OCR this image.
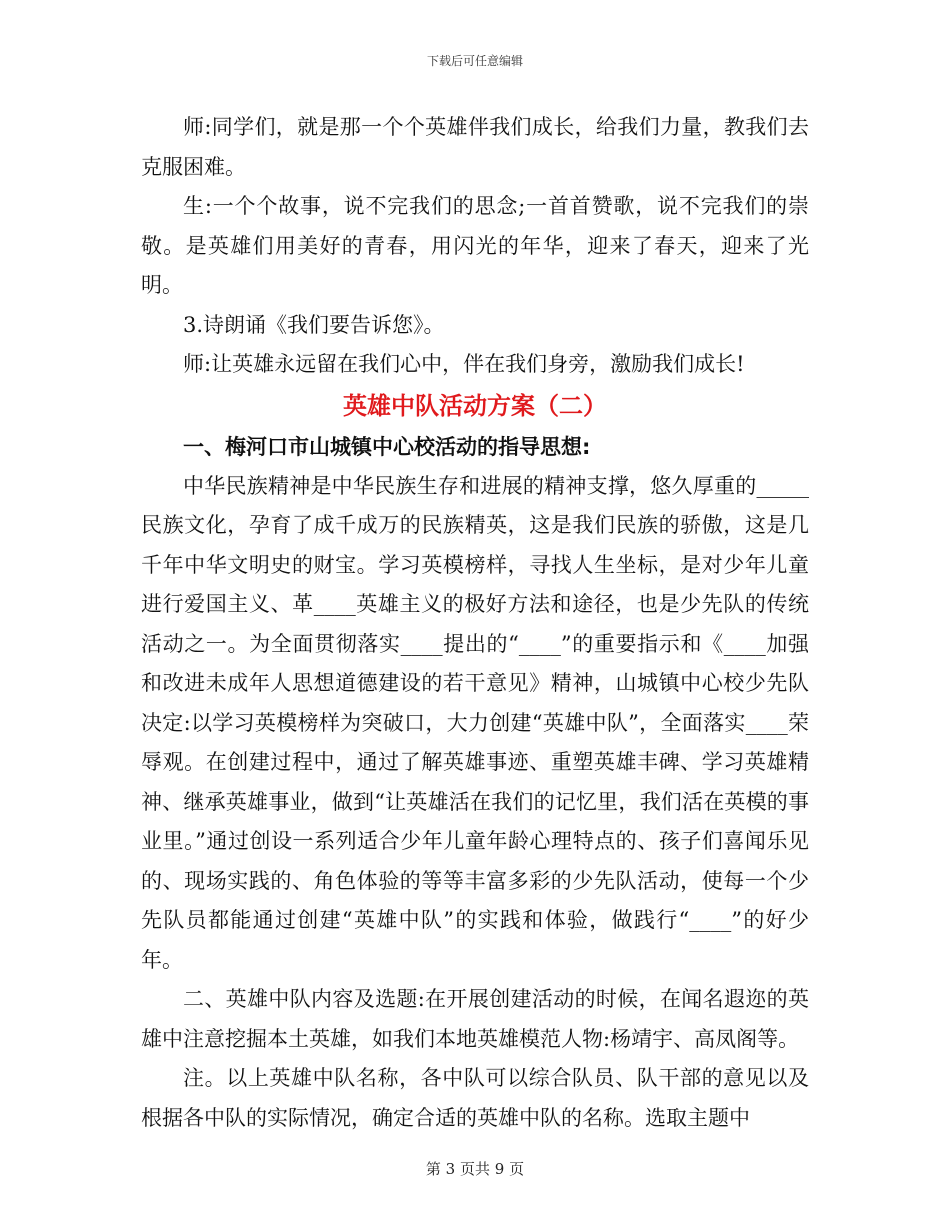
下载后可任意编辑

师:同学们，就是那一个个英雄伴我们成长，给我们力量，教我们去克服困难。

生:一个个故事，说不完我们的思念;一首首赞歌，说不完我们的崇敬。是英雄们用美好的青春，用闪光的年华，迎来了春天，迎来了光明。

3.诗朗诵《我们要告诉您》。

师:让英雄永远留在我们心中，伴在我们身旁，激励我们成长!

英雄中队活动方案（二）

一、梅河口市山城镇中心校活动的指导思想:

中华民族精神是中华民族生存和进展的精神支撑，悠久厚重的_____民族文化，孕育了成千成万的民族精英，这是我们民族的骄傲，这是几千年中华文明史的财宝。学习英模榜样，寻找人生坐标，是对少年儿童进行爱国主义、革____英雄主义的极好方法和途径，也是少先队的传统活动之一。为全面贯彻落实____提出的“____”的重要指示和《____加强和改进未成年人思想道德建设的若干意见》精神，山城镇中心校少先队决定:以学习英模榜样为突破口，大力创建“英雄中队”，全面落实____荣辱观。在创建过程中，通过了解英雄事迹、重塑英雄丰碑、学习英雄精神、继承英雄事业，做到“让英雄活在我们的记忆里，我们活在英模的事业里。”通过创设一系列适合少年儿童年龄心理特点的、孩子们喜闻乐见的、现场实践的、角色体验的等等丰富多彩的少先队活动，使每一个少先队员都能通过创建“英雄中队”的实践和体验，做践行“____”的好少年。

二、英雄中队内容及选题:在开展创建活动的时候，在闻名遐迩的英雄中注意挖掘本土英雄，如我们本地英雄模范人物:杨靖宇、高凤阁等。

注。以上英雄中队名称，各中队可以综合队员、队干部的意见以及根据各中队的实际情况，确定合适的英雄中队的名称。选取主题中

第 3 页共 9 页
